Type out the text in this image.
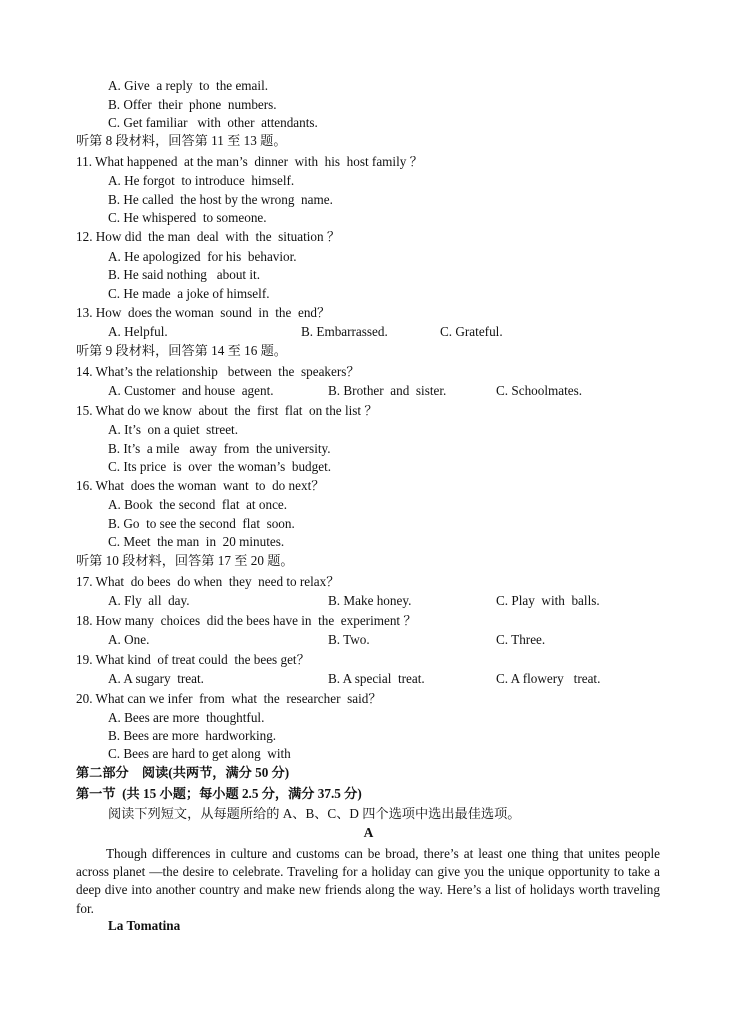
A. Give  a reply  to  the email.
B. Offer  their  phone  numbers.
C. Get familiar   with  other  attendants.
听第 8 段材料，回答第 11 至 13 题。
11. What happened  at the man’s  dinner  with  his  host family ？
A. He forgot  to introduce  himself.
B. He called  the host by the wrong  name.
C. He whispered  to someone.
12. How did  the man  deal  with  the  situation ？
A. He apologized  for his  behavior.
B. He said nothing   about it.
C. He made  a joke of himself.
13. How  does the woman  sound  in  the  end？
A. Helpful.	B. Embarrassed.	C. Grateful.
听第 9 段材料，回答第 14 至 16 题。
14. What’s the relationship   between  the  speakers？
A. Customer  and house  agent.	B. Brother  and  sister.	C. Schoolmates.
15. What do we know  about  the  first  flat  on the list ？
A. It’s  on a quiet  street.
B. It’s  a mile   away  from  the university.
C. Its price  is  over  the woman’s  budget.
16. What  does the woman  want  to  do next？
A. Book  the second  flat  at once.
B. Go  to see the second  flat  soon.
C. Meet  the man  in  20 minutes.
听第 10 段材料，回答第 17 至 20 题。
17. What  do bees  do when  they  need to relax？
A. Fly  all  day.	B. Make honey.	C. Play  with  balls.
18. How many  choices  did the bees have in  the  experiment ？
A. One.	B. Two.	C. Three.
19. What kind  of treat could  the bees get？
A. A sugary  treat.	B. A special  treat.	C. A flowery   treat.
20. What can we infer  from  what  the  researcher  said？
A. Bees are more  thoughtful.
B. Bees are more  hardworking.
C. Bees are hard to get along  with
第二部分　阅读(共两节，满分 50 分)
第一节  (共 15 小题；每小题 2.5 分，满分 37.5 分)
阅读下列短文，从每题所给的 A、B、C、D 四个选项中选出最佳选项。
A
Though differences in culture and customs can be broad, there’s at least one thing that unites people across planet —the desire to celebrate. Traveling for a holiday can give you the unique opportunity to take a deep dive into another country and make new friends along the way. Here’s a list of holidays worth traveling for.
La Tomatina
